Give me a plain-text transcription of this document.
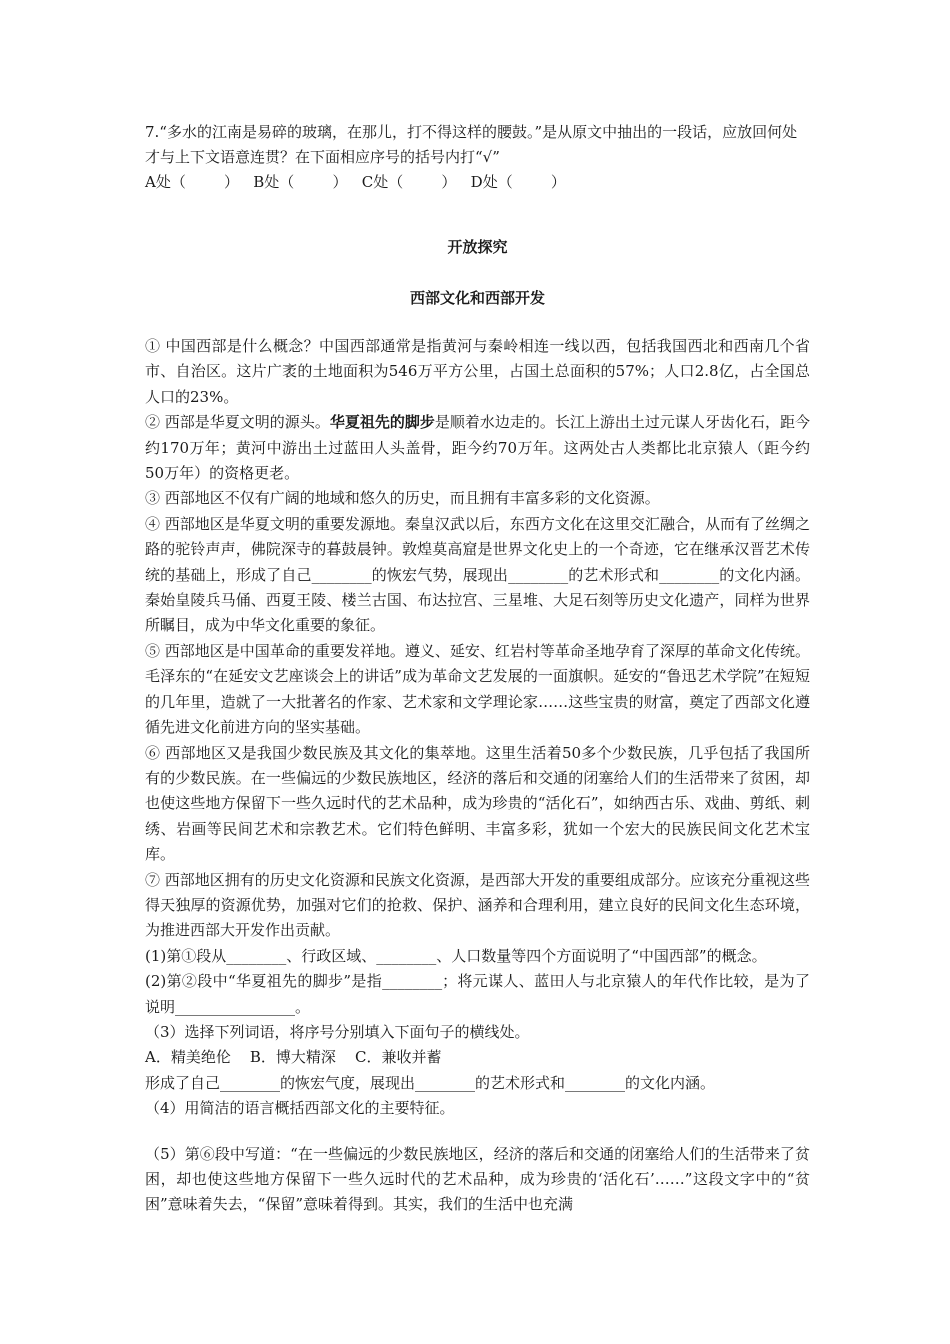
7.“多水的江南是易碎的玻璃，在那儿，打不得这样的腰鼓。”是从原文中抽出的一段话，应放回何处才与上下文语意连贯？在下面相应序号的括号内打“√”
A处（        ）   B处（        ）   C处（        ）   D处（        ）
开放探究
西部文化和西部开发

① 中国西部是什么概念？中国西部通常是指黄河与秦岭相连一线以西，包括我国西北和西南几个省市、自治区。这片广袤的土地面积为546万平方公里，占国土总面积的57%；人口2.8亿，占全国总人口的23%。

② 西部是华夏文明的源头。华夏祖先的脚步是顺着水边走的。长江上游出土过元谋人牙齿化石，距今约170万年；黄河中游出土过蓝田人头盖骨，距今约70万年。这两处古人类都比北京猿人（距今约50万年）的资格更老。

③ 西部地区不仅有广阔的地域和悠久的历史，而且拥有丰富多彩的文化资源。

④ 西部地区是华夏文明的重要发源地。秦皇汉武以后，东西方文化在这里交汇融合，从而有了丝绸之路的驼铃声声，佛院深寺的暮鼓晨钟。敦煌莫高窟是世界文化史上的一个奇迹，它在继承汉晋艺术传统的基础上，形成了自己________的恢宏气势，展现出________的艺术形式和________的文化内涵。秦始皇陵兵马俑、西夏王陵、楼兰古国、布达拉宫、三星堆、大足石刻等历史文化遗产，同样为世界所瞩目，成为中华文化重要的象征。

⑤ 西部地区是中国革命的重要发祥地。遵义、延安、红岩村等革命圣地孕育了深厚的革命文化传统。毛泽东的“在延安文艺座谈会上的讲话”成为革命文艺发展的一面旗帜。延安的“鲁迅艺术学院”在短短的几年里，造就了一大批著名的作家、艺术家和文学理论家……这些宝贵的财富，奠定了西部文化遵循先进文化前进方向的坚实基础。

⑥ 西部地区又是我国少数民族及其文化的集萃地。这里生活着50多个少数民族，几乎包括了我国所有的少数民族。在一些偏远的少数民族地区，经济的落后和交通的闭塞给人们的生活带来了贫困，却也使这些地方保留下一些久远时代的艺术品种，成为珍贵的“活化石”，如纳西古乐、戏曲、剪纸、刺绣、岩画等民间艺术和宗教艺术。它们特色鲜明、丰富多彩，犹如一个宏大的民族民间文化艺术宝库。

⑦ 西部地区拥有的历史文化资源和民族文化资源，是西部大开发的重要组成部分。应该充分重视这些得天独厚的资源优势，加强对它们的抢救、保护、涵养和合理利用，建立良好的民间文化生态环境，为推进西部大开发作出贡献。

(1)第①段从________、行政区域、________、人口数量等四个方面说明了“中国西部”的概念。

(2)第②段中“华夏祖先的脚步”是指________；将元谋人、蓝田人与北京猿人的年代作比较，是为了说明________________。

（3）选择下列词语，将序号分别填入下面句子的横线处。

A．精美绝伦    B．博大精深    C．兼收并蓄

形成了自己________的恢宏气度，展现出________的艺术形式和________的文化内涵。

（4）用简洁的语言概括西部文化的主要特征。

（5）第⑥段中写道：“在一些偏远的少数民族地区，经济的落后和交通的闭塞给人们的生活带来了贫困，却也使这些地方保留下一些久远时代的艺术品种，成为珍贵的‘活化石’……”这段文字中的“贫困”意味着失去，“保留”意味着得到。其实，我们的生活中也充满
